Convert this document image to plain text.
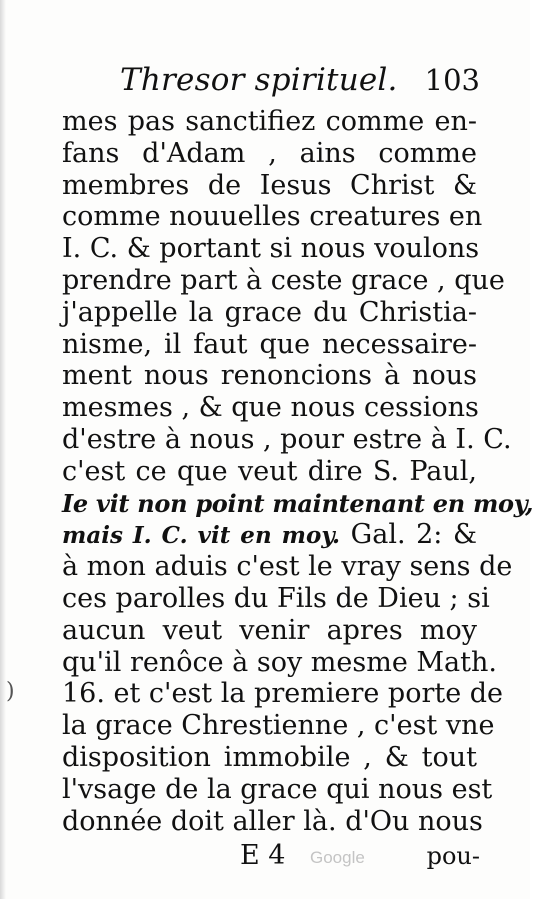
Thresor spirituel. 103
mes pas sanctifiez comme en-
fans d'Adam , ains comme
membres de Iesus Christ &
comme nouuelles creatures en
I. C. & portant si nous voulons
prendre part à ceste grace , que
j'appelle la grace du Christia-
nisme, il faut que necessaire-
ment nous renoncions à nous
mesmes , & que nous cessions
d'estre à nous , pour estre à I. C.
c'est ce que veut dire S. Paul,
Ie vit non point maintenant en moy,
mais I. C. vit en moy. Gal. 2: &
à mon aduis c'est le vray sens de
ces parolles du Fils de Dieu ; si
aucun veut venir apres moy
qu'il renôce à soy mesme Math.
16. et c'est la premiere porte de
la grace Chrestienne , c'est vne
disposition immobile , & tout
l'vsage de la grace qui nous est
donnée doit aller là. d'Ou nous
)
E 4 Google	pou-
